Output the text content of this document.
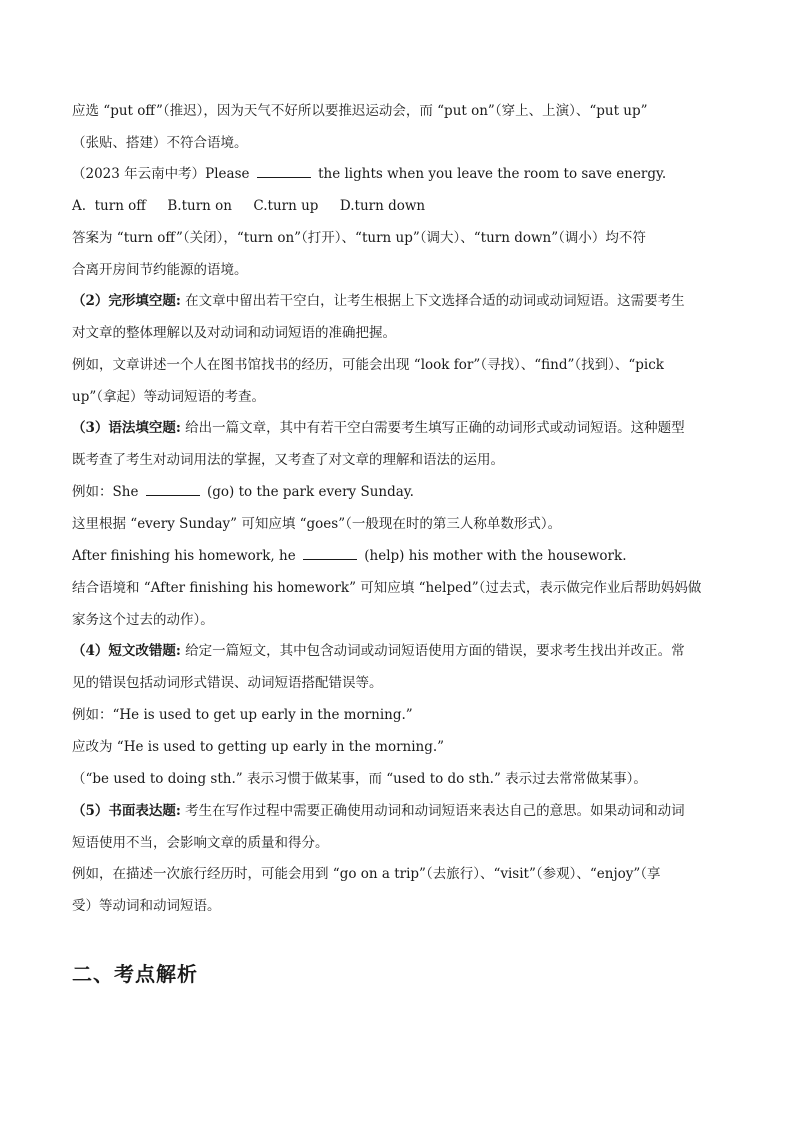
应选 “put off”（推迟），因为天气不好所以要推迟运动会，而 “put on”（穿上、上演）、“put up”
（张贴、搭建）不符合语境。
（2023 年云南中考）Please	the lights when you leave the room to save energy.
A.  turn off     B.turn on     C.turn up     D.turn down
答案为 “turn off”（关闭），“turn on”（打开）、“turn up”（调大）、“turn down”（调小）均不符
合离开房间节约能源的语境。
（2）完形填空题: 在文章中留出若干空白，让考生根据上下文选择合适的动词或动词短语。这需要考生
对文章的整体理解以及对动词和动词短语的准确把握。
例如，文章讲述一个人在图书馆找书的经历，可能会出现 “look for”（寻找）、“find”（找到）、“pick
up”（拿起）等动词短语的考查。
（3）语法填空题: 给出一篇文章，其中有若干空白需要考生填写正确的动词形式或动词短语。这种题型
既考查了考生对动词用法的掌握，又考查了对文章的理解和语法的运用。
例如：She	(go) to the park every Sunday.
这里根据 “every Sunday” 可知应填 “goes”（一般现在时的第三人称单数形式）。
After finishing his homework, he	(help) his mother with the housework.
结合语境和 “After finishing his homework” 可知应填 “helped”（过去式，表示做完作业后帮助妈妈做
家务这个过去的动作）。
（4）短文改错题: 给定一篇短文，其中包含动词或动词短语使用方面的错误，要求考生找出并改正。常
见的错误包括动词形式错误、动词短语搭配错误等。
例如：“He is used to get up early in the morning.”
应改为 “He is used to getting up early in the morning.”
（“be used to doing sth.” 表示习惯于做某事，而 “used to do sth.” 表示过去常常做某事）。
（5）书面表达题: 考生在写作过程中需要正确使用动词和动词短语来表达自己的意思。如果动词和动词
短语使用不当，会影响文章的质量和得分。
例如，在描述一次旅行经历时，可能会用到 “go on a trip”（去旅行）、“visit”（参观）、“enjoy”（享
受）等动词和动词短语。
二、考点解析
